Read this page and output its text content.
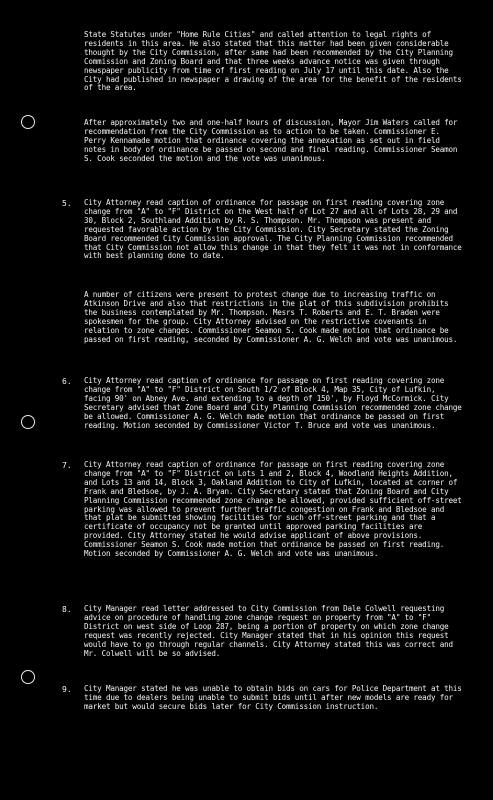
State Statutes under "Home Rule Cities" and called attention to legal rights of residents in this area. He also stated that this matter had been given considerable thought by the City Commission, after same had been recommended by the City Planning Commission and Zoning Board and that three weeks advance notice was given through newspaper publicity from time of first reading on July 17 until this date. Also the City had published in newspaper a drawing of the area for the benefit of the residents of the area.

After approximately two and one-half hours of discussion, Mayor Jim Waters called for recommendation from the City Commission as to action to be taken. Commissioner E. Perry Kennamade motion that ordinance covering the annexation as set out in field notes in body of ordinance be passed on second and final reading. Commissioner Seamon S. Cook seconded the motion and the vote was unanimous.

5. City Attorney read caption of ordinance for passage on first reading covering zone change from "A" to "F" District on the West half of Lot 27 and all of Lots 28, 29 and 30, Block 2, Southland Addition by R. S. Thompson. Mr. Thompson was present and requested favorable action by the City Commission. City Secretary stated the Zoning Board recommended City Commission approval. The City Planning Commission recommended that City Commission not allow this change in that they felt it was not in conformance with best planning done to date.

A number of citizens were present to protest change due to increasing traffic on Atkinson Drive and also that restrictions in the plat of this subdivision prohibits the business contemplated by Mr. Thompson. Mesrs T. Roberts and E. T. Braden were spokesmen for the group. City Attorney advised on the restrictive covenants in relation to zone changes. Commissioner Seamon S. Cook made motion that ordinance be passed on first reading, seconded by Commissioner A. G. Welch and vote was unanimous.

6. City Attorney read caption of ordinance for passage on first reading covering zone change from "A" to "F" District on South 1/2 of Block 4, Map 35, City of Lufkin, facing 90' on Abney Ave. and extending to a depth of 150', by Floyd McCormick. City Secretary advised that Zone Board and City Planning Commission recommended zone change be allowed. Commissioner A. G. Welch made motion that ordinance be passed on first reading. Motion seconded by Commissioner Victor T. Bruce and vote was unanimous.

7. City Attorney read caption of ordinance for passage on first reading covering zone change from "A" to "F" District on Lots 1 and 2, Block 4, Woodland Heights Addition, and Lots 13 and 14, Block 3, Oakland Addition to City of Lufkin, located at corner of Frank and Bledsoe, by J. A. Bryan. City Secretary stated that Zoning Board and City Planning Commission recommended zone change be allowed, provided sufficient off-street parking was allowed to prevent further traffic congestion on Frank and Bledsoe and that plat be submitted showing facilities for such off-street parking and that a certificate of occupancy not be granted until approved parking facilities are provided. City Attorney stated he would advise applicant of above provisions. Commissioner Seamon S. Cook made motion that ordinance be passed on first reading. Motion seconded by Commissioner A. G. Welch and vote was unanimous.

8. City Manager read letter addressed to City Commission from Dale Colwell requesting advice on procedure of handling zone change request on property from "A" to "F" District on west side of Loop 287, being a portion of property on which zone change request was recently rejected. City Manager stated that in his opinion this request would have to go through regular channels. City Attorney stated this was correct and Mr. Colwell will be so advised.

9. City Manager stated he was unable to obtain bids on cars for Police Department at this time due to dealers being unable to submit bids until after new models are ready for market but would secure bids later for City Commission instruction.
